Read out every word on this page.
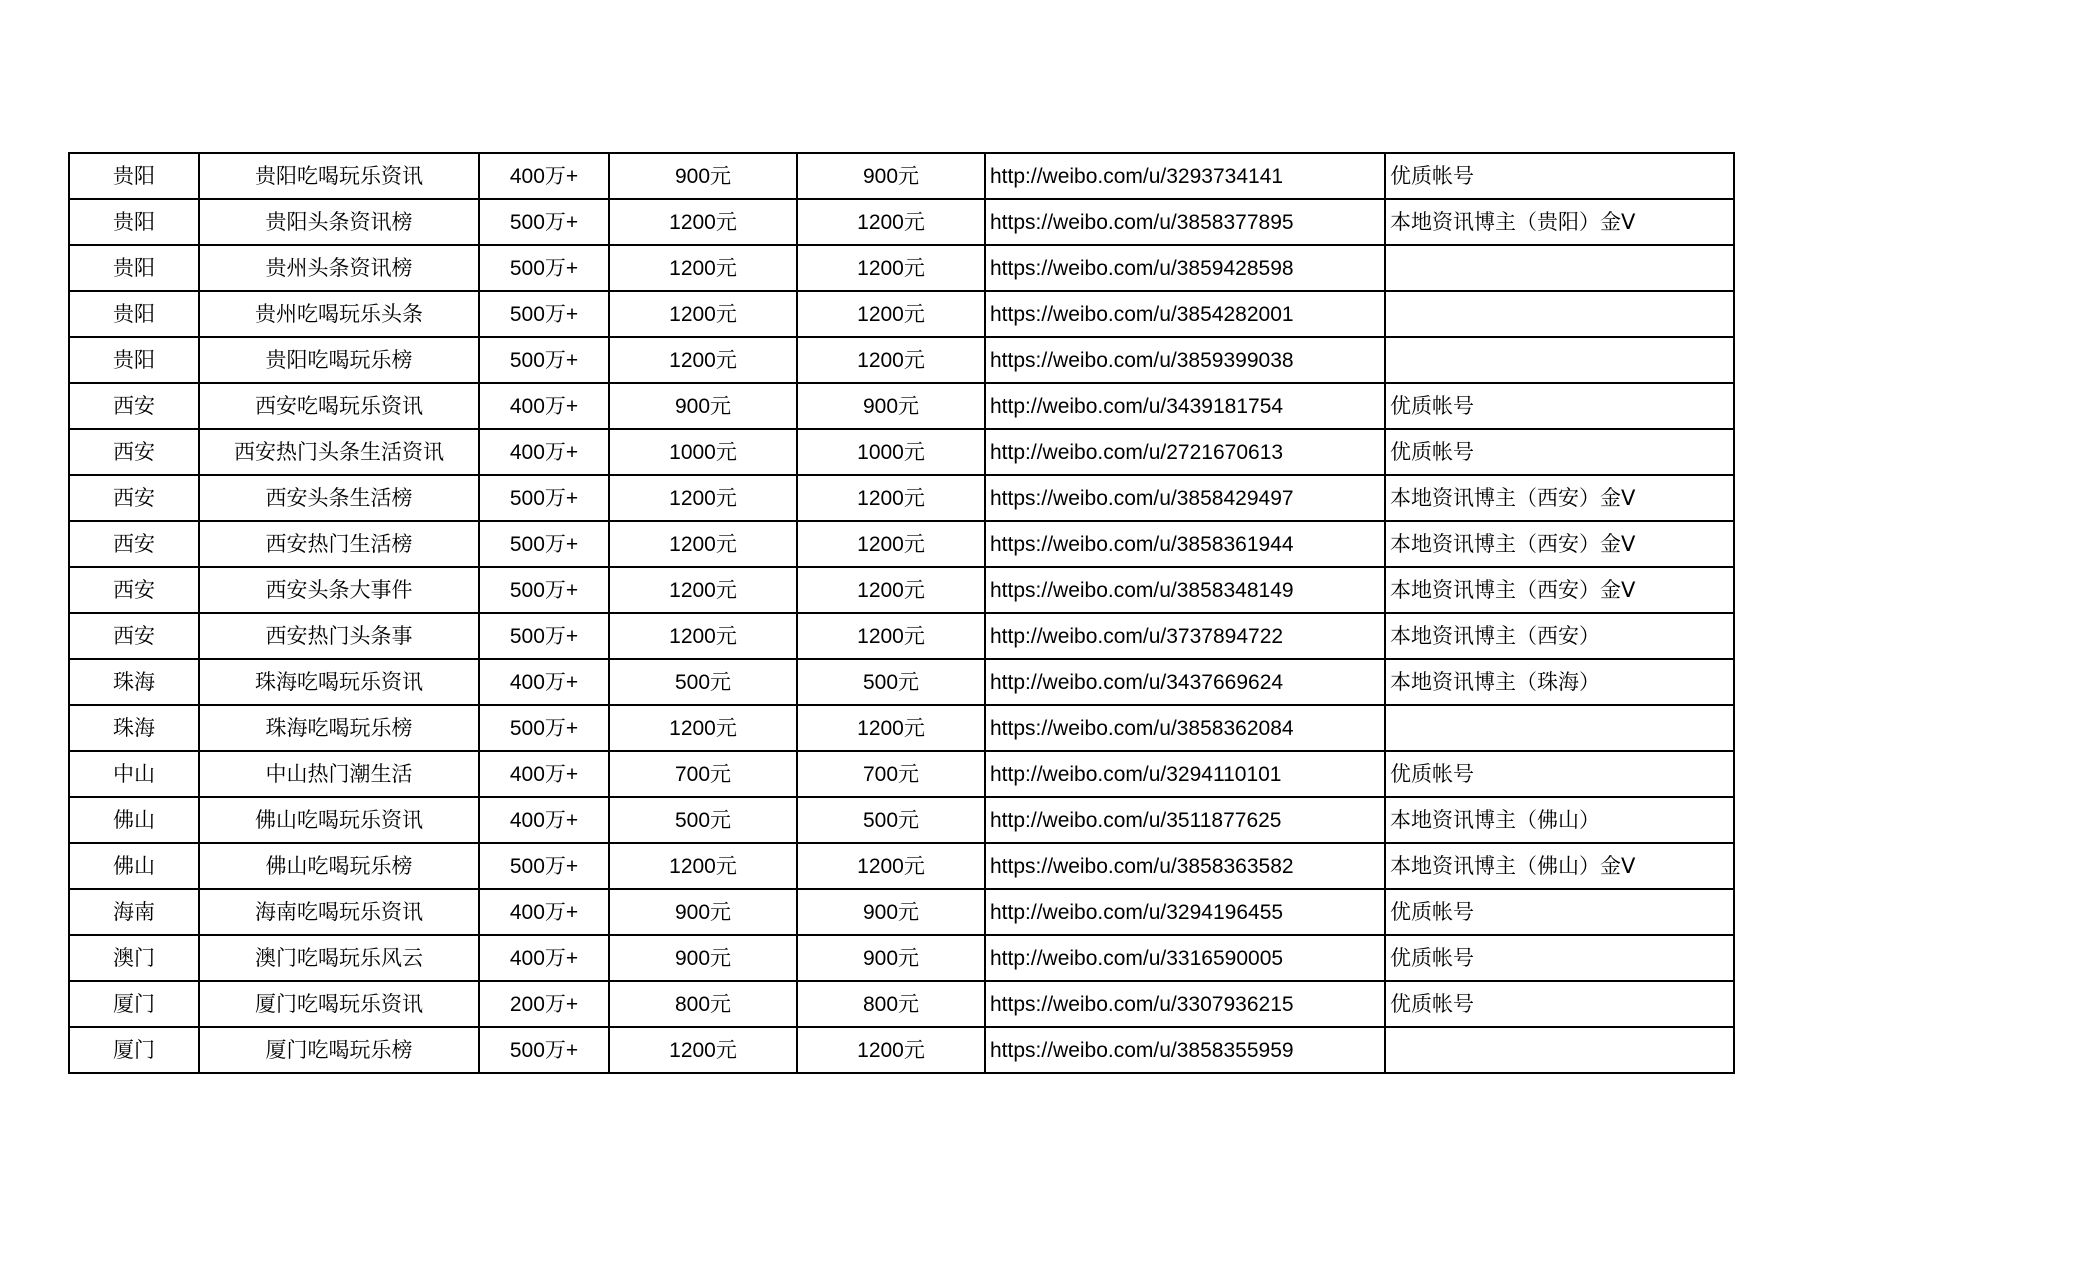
贵阳	贵阳吃喝玩乐资讯	400万+	900元	900元	http://weibo.com/u/3293734141	优质帐号
贵阳	贵阳头条资讯榜	500万+	1200元	1200元	https://weibo.com/u/3858377895	本地资讯博主（贵阳）金V
贵阳	贵州头条资讯榜	500万+	1200元	1200元	https://weibo.com/u/3859428598	
贵阳	贵州吃喝玩乐头条	500万+	1200元	1200元	https://weibo.com/u/3854282001	
贵阳	贵阳吃喝玩乐榜	500万+	1200元	1200元	https://weibo.com/u/3859399038	
西安	西安吃喝玩乐资讯	400万+	900元	900元	http://weibo.com/u/3439181754	优质帐号
西安	西安热门头条生活资讯	400万+	1000元	1000元	http://weibo.com/u/2721670613	优质帐号
西安	西安头条生活榜	500万+	1200元	1200元	https://weibo.com/u/3858429497	本地资讯博主（西安）金V
西安	西安热门生活榜	500万+	1200元	1200元	https://weibo.com/u/3858361944	本地资讯博主（西安）金V
西安	西安头条大事件	500万+	1200元	1200元	https://weibo.com/u/3858348149	本地资讯博主（西安）金V
西安	西安热门头条事	500万+	1200元	1200元	http://weibo.com/u/3737894722	本地资讯博主（西安）
珠海	珠海吃喝玩乐资讯	400万+	500元	500元	http://weibo.com/u/3437669624	本地资讯博主（珠海）
珠海	珠海吃喝玩乐榜	500万+	1200元	1200元	https://weibo.com/u/3858362084	
中山	中山热门潮生活	400万+	700元	700元	http://weibo.com/u/3294110101	优质帐号
佛山	佛山吃喝玩乐资讯	400万+	500元	500元	http://weibo.com/u/3511877625	本地资讯博主（佛山）
佛山	佛山吃喝玩乐榜	500万+	1200元	1200元	https://weibo.com/u/3858363582	本地资讯博主（佛山）金V
海南	海南吃喝玩乐资讯	400万+	900元	900元	http://weibo.com/u/3294196455	优质帐号
澳门	澳门吃喝玩乐风云	400万+	900元	900元	http://weibo.com/u/3316590005	优质帐号
厦门	厦门吃喝玩乐资讯	200万+	800元	800元	https://weibo.com/u/3307936215	优质帐号
厦门	厦门吃喝玩乐榜	500万+	1200元	1200元	https://weibo.com/u/3858355959	
